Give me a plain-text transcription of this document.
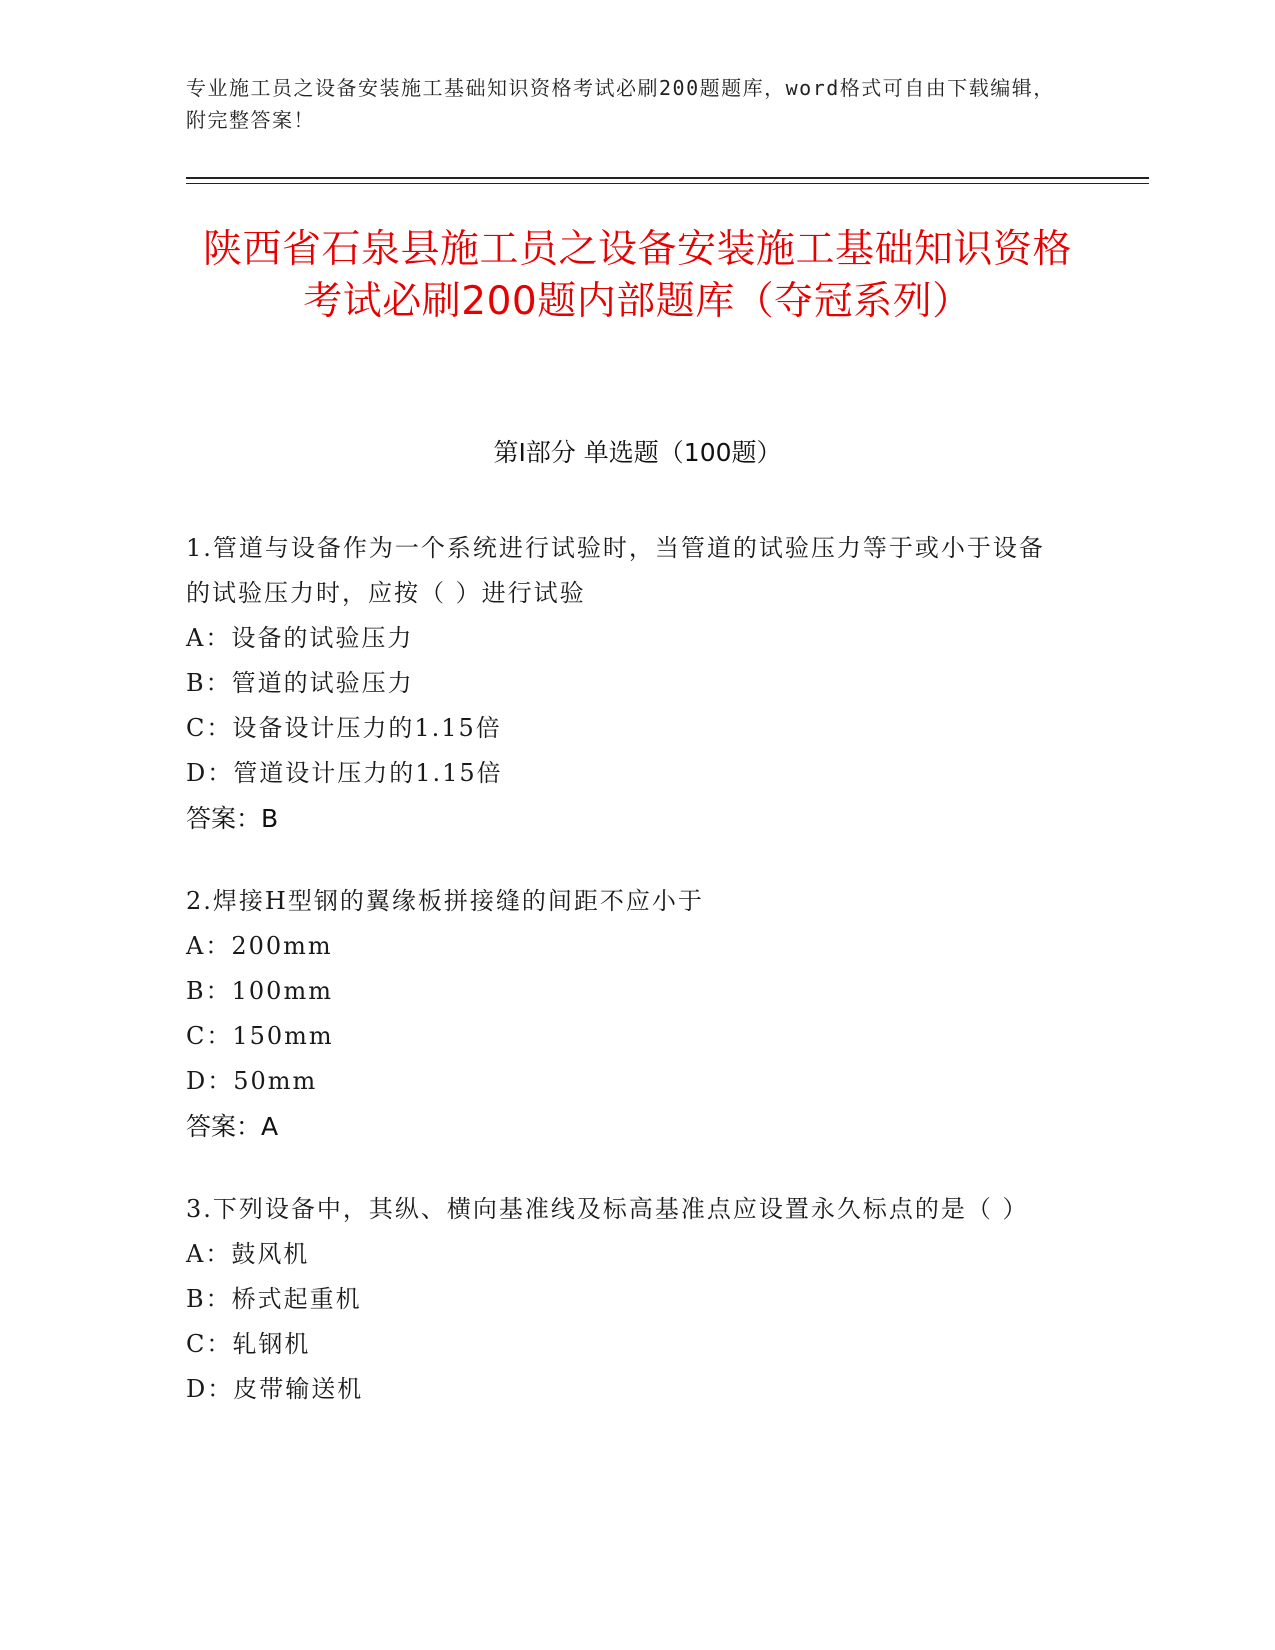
专业施工员之设备安装施工基础知识资格考试必刷200题题库，word格式可自由下载编辑，附完整答案！
陕西省石泉县施工员之设备安装施工基础知识资格考试必刷200题内部题库（夺冠系列）
第I部分 单选题（100题）
1.管道与设备作为一个系统进行试验时，当管道的试验压力等于或小于设备的试验压力时，应按（ ）进行试验
A：设备的试验压力
B：管道的试验压力
C：设备设计压力的1.15倍
D：管道设计压力的1.15倍
答案：B
2.焊接H型钢的翼缘板拼接缝的间距不应小于
A：200mm
B：100mm
C：150mm
D：50mm
答案：A
3.下列设备中，其纵、横向基准线及标高基准点应设置永久标点的是（ ）
A：鼓风机
B：桥式起重机
C：轧钢机
D：皮带输送机
